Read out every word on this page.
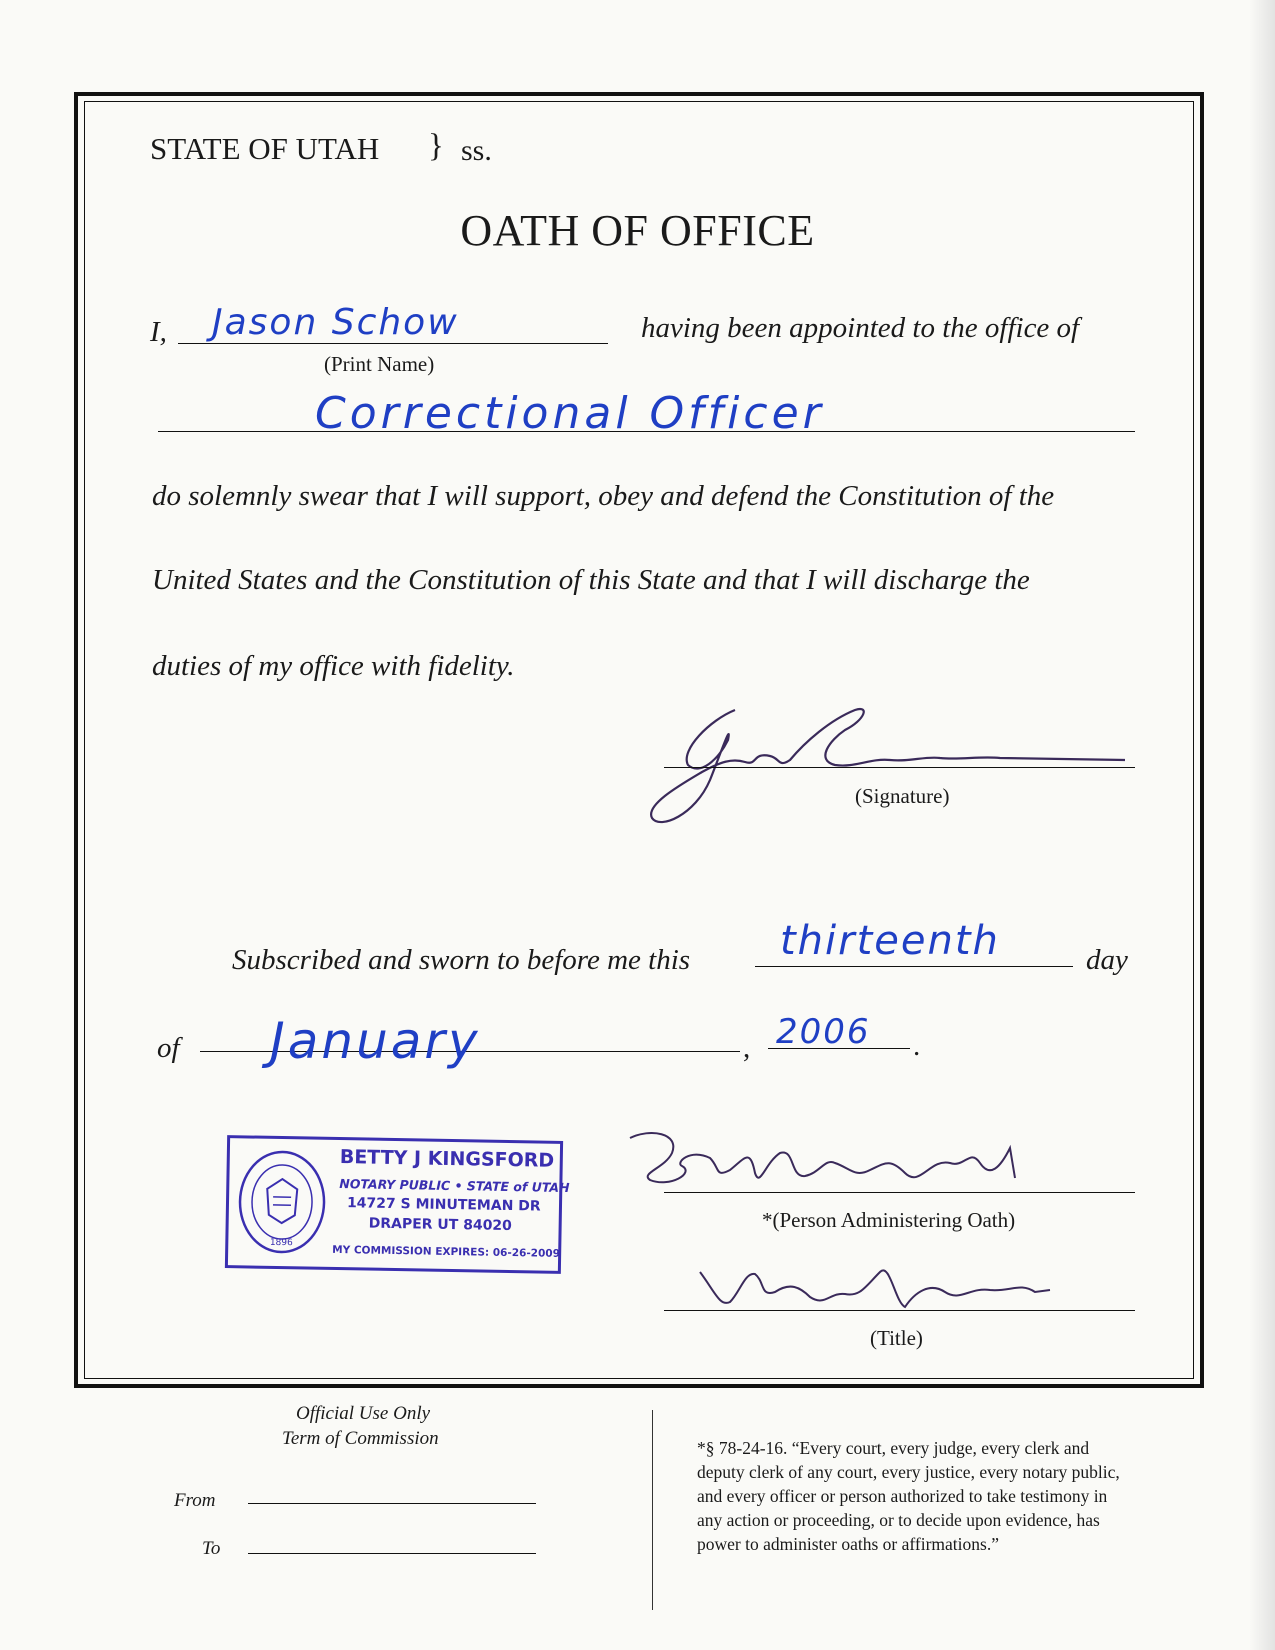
STATE OF UTAH } ss.
OATH OF OFFICE
I, Jason Schow
(Print Name)
having been appointed to the office of
Correctional Officer
do solemnly swear that I will support, obey and defend the Constitution of the
United States and the Constitution of this State and that I will discharge the
duties of my office with fidelity.
(Signature)
Subscribed and sworn to before me this thirteenth	day
of January	, 2006 .
1896
BETTY J KINGSFORD
NOTARY PUBLIC • STATE of UTAH
14727 S MINUTEMAN DR
DRAPER UT 84020
MY COMMISSION EXPIRES: 06-26-2009
*(Person Administering Oath)
(Title)
Official Use Only
Term of Commission
From
To
*§ 78-24-16. “Every court, every judge, every clerk and
deputy clerk of any court, every justice, every notary public,
and every officer or person authorized to take testimony in
any action or proceeding, or to decide upon evidence, has
power to administer oaths or affirmations.”
